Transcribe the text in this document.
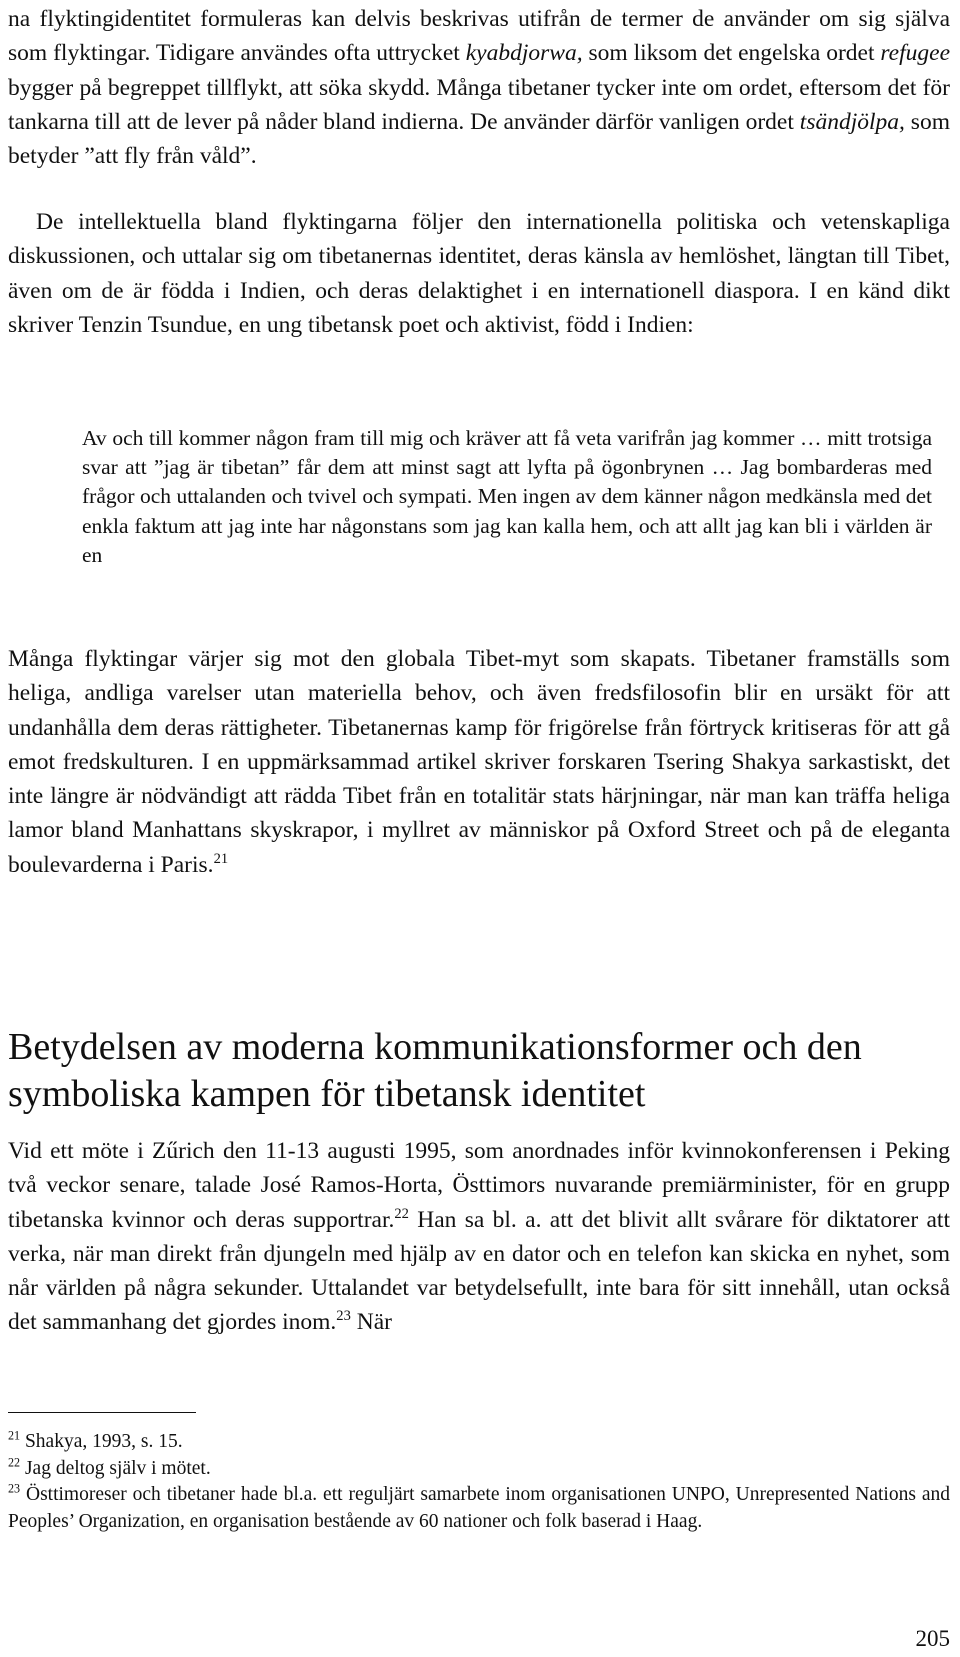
na flyktingidentitet formuleras kan delvis beskrivas utifrån de termer de använder om sig själva som flyktingar. Tidigare användes ofta uttrycket kyabdjorwa, som liksom det engelska ordet refugee bygger på begreppet tillflykt, att söka skydd. Många tibetaner tycker inte om ordet, eftersom det för tankarna till att de lever på nåder bland indierna. De använder därför vanligen ordet tsändjölpa, som betyder ”att fly från våld”.

De intellektuella bland flyktingarna följer den internationella politiska och vetenskapliga diskussionen, och uttalar sig om tibetanernas identitet, deras känsla av hemlöshet, längtan till Tibet, även om de är födda i Indien, och deras delaktighet i en internationell diaspora. I en känd dikt skriver Tenzin Tsundue, en ung tibetansk poet och aktivist, född i Indien:

Av och till kommer någon fram till mig och kräver att få veta varifrån jag kommer … mitt trotsiga svar att ”jag är tibetan” får dem att minst sagt att lyfta på ögonbrynen … Jag bombarderas med frågor och uttalanden och tvivel och sympati. Men ingen av dem känner någon medkänsla med det enkla faktum att jag inte har någonstans som jag kan kalla hem, och att allt jag kan bli i världen är en

Många flyktingar värjer sig mot den globala Tibet-myt som skapats. Tibetaner framställs som heliga, andliga varelser utan materiella behov, och även fredsfilosofin blir en ursäkt för att undanhålla dem deras rättigheter. Tibetanernas kamp för frigörelse från förtryck kritiseras för att gå emot fredskulturen. I en uppmärksammad artikel skriver forskaren Tsering Shakya sarkastiskt, det inte längre är nödvändigt att rädda Tibet från en totalitär stats härjningar, när man kan träffa heliga lamor bland Manhattans skyskrapor, i myllret av människor på Oxford Street och på de eleganta boulevarderna i Paris.$^{21}$

Betydelsen av moderna kommunikationsformer och den symboliska kampen för tibetansk identitet

Vid ett möte i Zűrich den 11-13 augusti 1995, som anordnades inför kvinnokonferensen i Peking två veckor senare, talade José Ramos-Horta, Östtimors nuvarande premiärminister, för en grupp tibetanska kvinnor och deras supportrar.$^{22}$ Han sa bl. a. att det blivit allt svårare för diktatorer att verka, när man direkt från djungeln med hjälp av en dator och en telefon kan skicka en nyhet, som når världen på några sekunder. Uttalandet var betydelsefullt, inte bara för sitt innehåll, utan också det sammanhang det gjordes inom.$^{23}$ När

$^{21}$ Shakya, 1993, s. 15.

$^{22}$ Jag deltog själv i mötet.

$^{23}$ Östtimoreser och tibetaner hade bl.a. ett reguljärt samarbete inom organisationen UNPO, Unrepresented Nations and Peoples’ Organization, en organisation bestående av 60 nationer och folk baserad i Haag.

205
